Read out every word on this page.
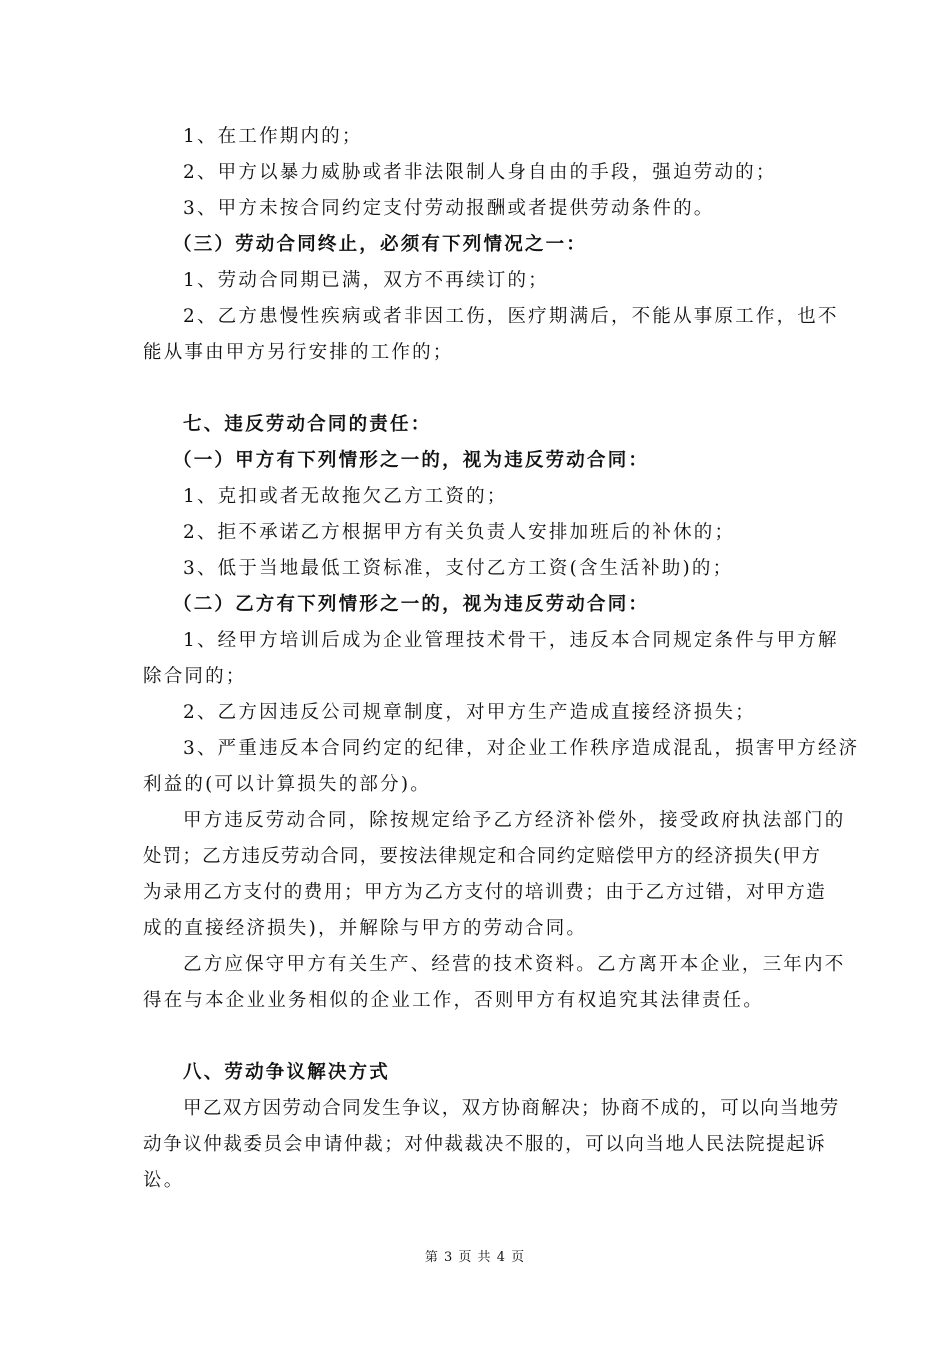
1、在工作期内的；
2、甲方以暴力威胁或者非法限制人身自由的手段，强迫劳动的；
3、甲方未按合同约定支付劳动报酬或者提供劳动条件的。
（三）劳动合同终止，必须有下列情况之一：
1、劳动合同期已满，双方不再续订的；
2、乙方患慢性疾病或者非因工伤，医疗期满后，不能从事原工作，也不
能从事由甲方另行安排的工作的；
七、违反劳动合同的责任：
（一）甲方有下列情形之一的，视为违反劳动合同：
1、克扣或者无故拖欠乙方工资的；
2、拒不承诺乙方根据甲方有关负责人安排加班后的补休的；
3、低于当地最低工资标准，支付乙方工资(含生活补助)的；
（二）乙方有下列情形之一的，视为违反劳动合同：
1、经甲方培训后成为企业管理技术骨干，违反本合同规定条件与甲方解
除合同的；
2、乙方因违反公司规章制度，对甲方生产造成直接经济损失；
3、严重违反本合同约定的纪律，对企业工作秩序造成混乱，损害甲方经济
利益的(可以计算损失的部分)。
甲方违反劳动合同，除按规定给予乙方经济补偿外，接受政府执法部门的
处罚；乙方违反劳动合同，要按法律规定和合同约定赔偿甲方的经济损失(甲方
为录用乙方支付的费用；甲方为乙方支付的培训费；由于乙方过错，对甲方造
成的直接经济损失)，并解除与甲方的劳动合同。
乙方应保守甲方有关生产、经营的技术资料。乙方离开本企业，三年内不
得在与本企业业务相似的企业工作，否则甲方有权追究其法律责任。
八、劳动争议解决方式
甲乙双方因劳动合同发生争议，双方协商解决；协商不成的，可以向当地劳
动争议仲裁委员会申请仲裁；对仲裁裁决不服的，可以向当地人民法院提起诉
讼。
第 3 页 共 4 页
